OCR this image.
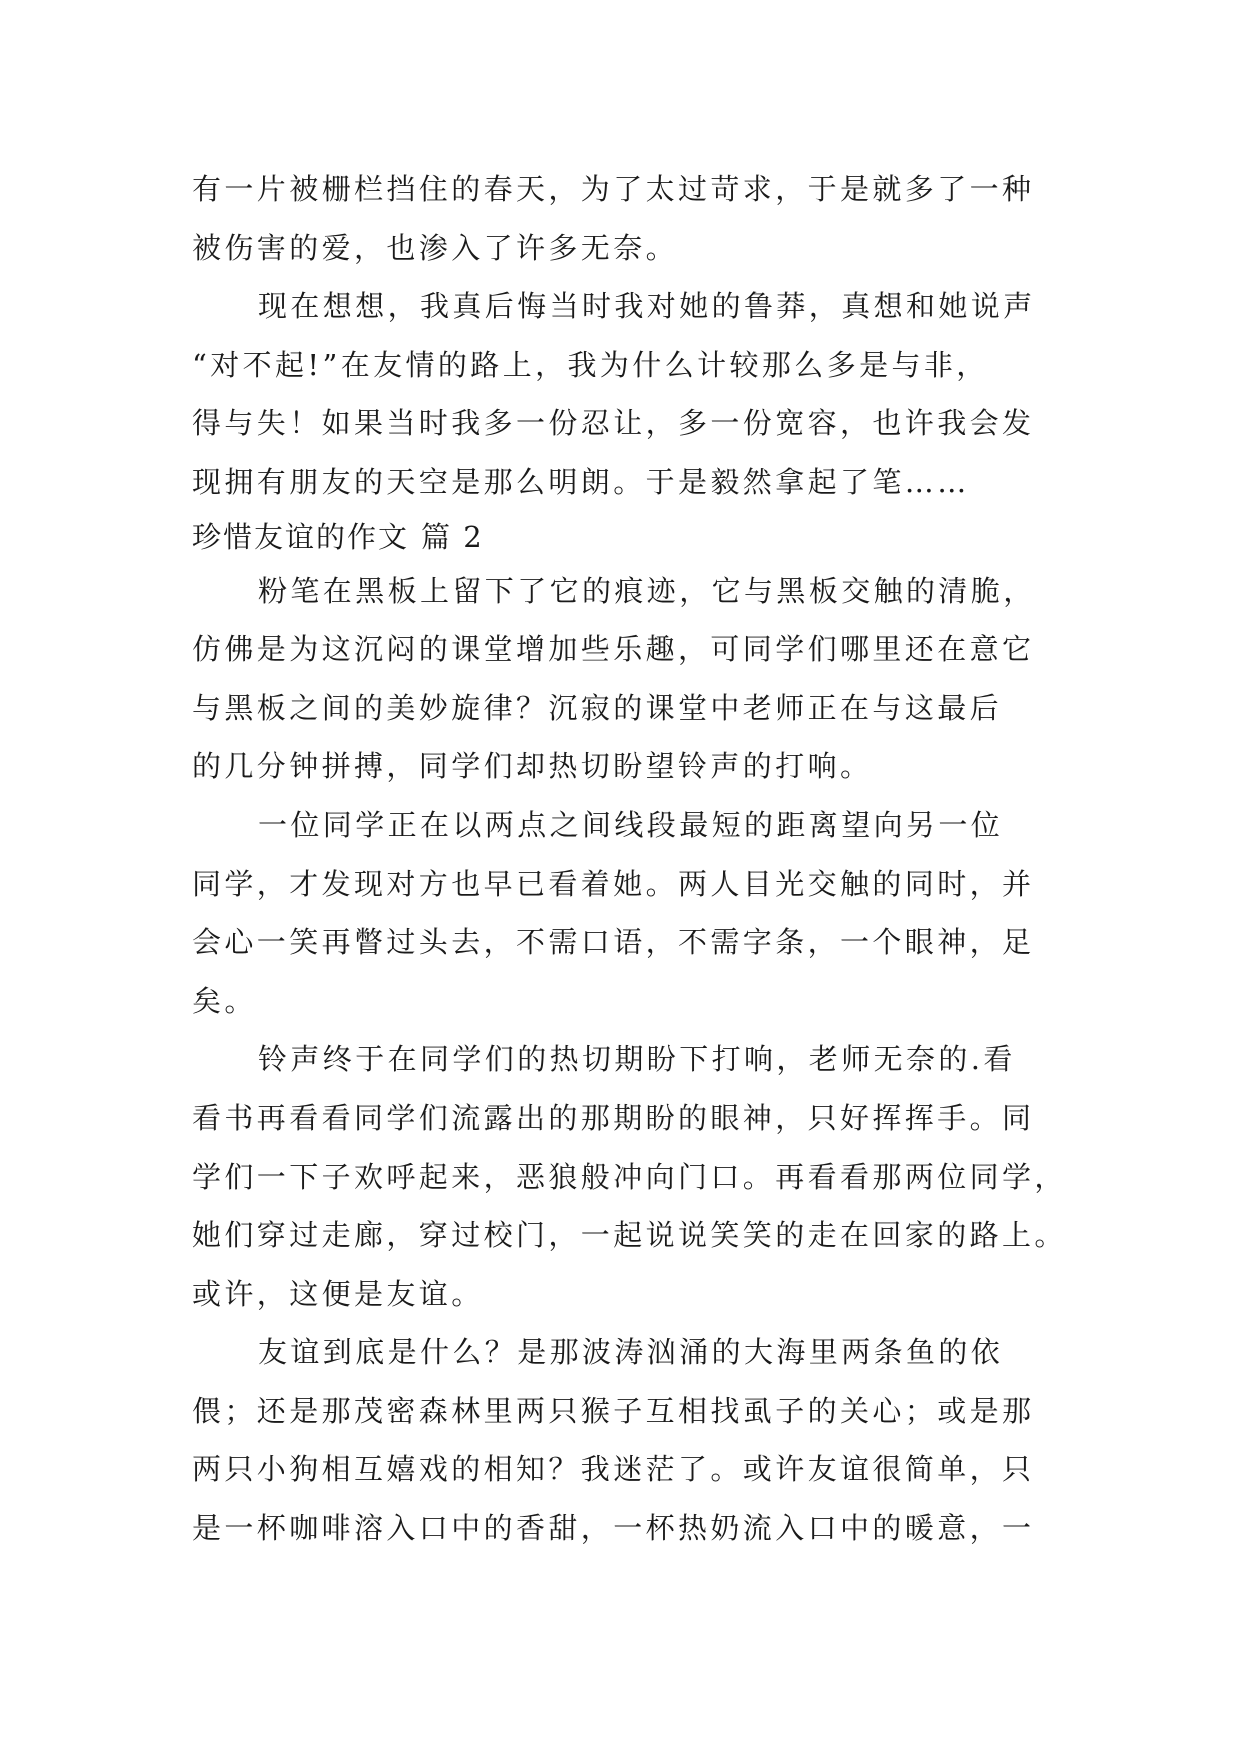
有一片被栅栏挡住的春天，为了太过苛求，于是就多了一种
被伤害的爱，也渗入了许多无奈。
现在想想，我真后悔当时我对她的鲁莽，真想和她说声
“对不起!”在友情的路上，我为什么计较那么多是与非，
得与失！如果当时我多一份忍让，多一份宽容，也许我会发
现拥有朋友的天空是那么明朗。于是毅然拿起了笔……
珍惜友谊的作文 篇 2
粉笔在黑板上留下了它的痕迹，它与黑板交触的清脆，
仿佛是为这沉闷的课堂增加些乐趣，可同学们哪里还在意它
与黑板之间的美妙旋律？沉寂的课堂中老师正在与这最后
的几分钟拼搏，同学们却热切盼望铃声的打响。
一位同学正在以两点之间线段最短的距离望向另一位
同学，才发现对方也早已看着她。两人目光交触的同时，并
会心一笑再瞥过头去，不需口语，不需字条，一个眼神，足
矣。
铃声终于在同学们的热切期盼下打响，老师无奈的.看
看书再看看同学们流露出的那期盼的眼神，只好挥挥手。同
学们一下子欢呼起来，恶狼般冲向门口。再看看那两位同学，
她们穿过走廊，穿过校门，一起说说笑笑的走在回家的路上。
或许，这便是友谊。
友谊到底是什么？是那波涛汹涌的大海里两条鱼的依
偎；还是那茂密森林里两只猴子互相找虱子的关心；或是那
两只小狗相互嬉戏的相知？我迷茫了。或许友谊很简单，只
是一杯咖啡溶入口中的香甜，一杯热奶流入口中的暖意，一
